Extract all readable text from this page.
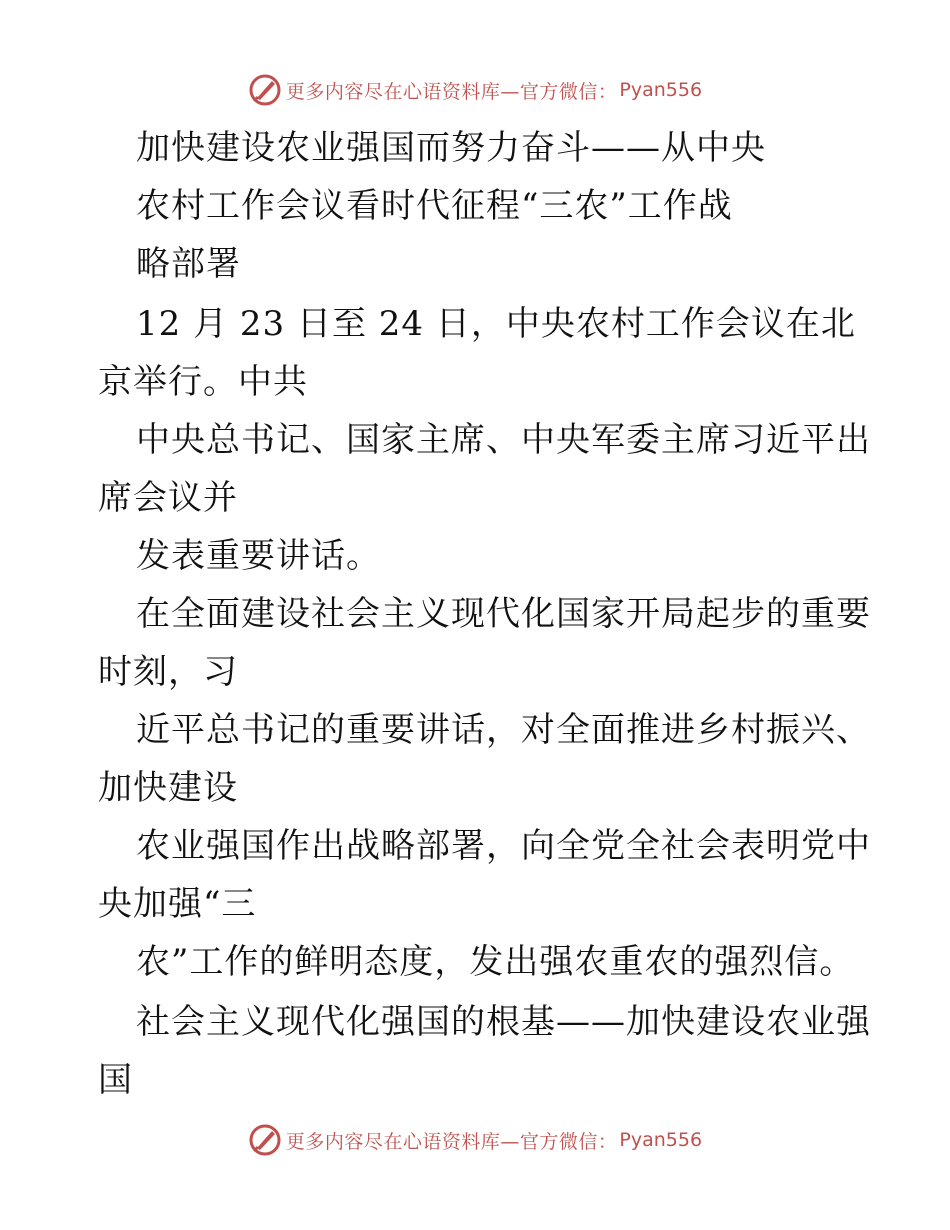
更多内容尽在心语资料库—官方微信： Pyan556
加快建设农业强国而努力奋斗——从中央
农村工作会议看时代征程“三农”工作战
略部署
12 月 23 日至 24 日，中央农村工作会议在北
京举行。中共
中央总书记、国家主席、中央军委主席习近平出
席会议并
发表重要讲话。
在全面建设社会主义现代化国家开局起步的重要
时刻，习
近平总书记的重要讲话，对全面推进乡村振兴、
加快建设
农业强国作出战略部署，向全党全社会表明党中
央加强“三
农”工作的鲜明态度，发出强农重农的强烈信。
社会主义现代化强国的根基——加快建设农业强
国
更多内容尽在心语资料库—官方微信： Pyan556
